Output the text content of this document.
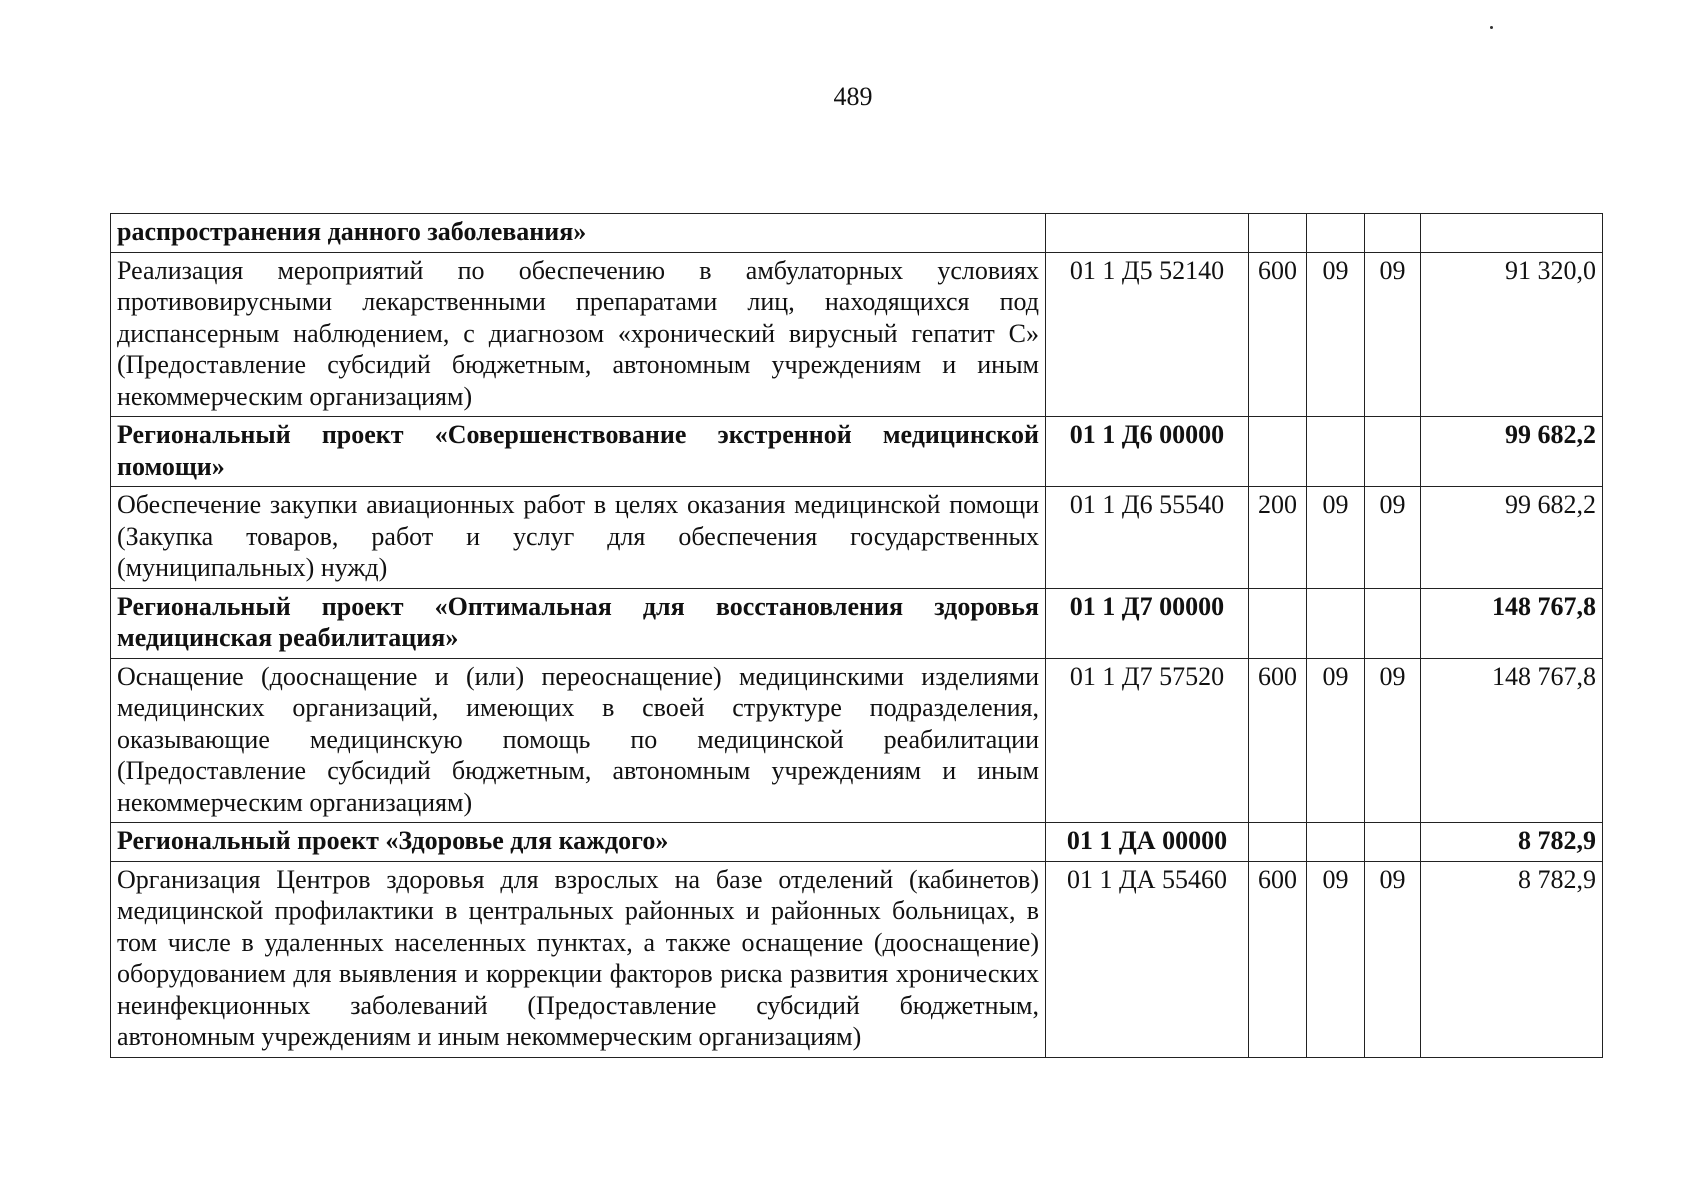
489
распространения данного заболевания»					
Реализация мероприятий по обеспечению в амбулаторных условиях противовирусными лекарственными препаратами лиц, находящихся под диспансерным наблюдением, с диагнозом «хронический вирусный гепатит С» (Предоставление субсидий бюджетным, автономным учреждениям и иным некоммерческим организациям)	01 1 Д5 52140	600	09	09	91 320,0
Региональный проект «Совершенствование экстренной медицинской помощи»	01 1 Д6 00000				99 682,2
Обеспечение закупки авиационных работ в целях оказания медицинской помощи (Закупка товаров, работ и услуг для обеспечения государственных (муниципальных) нужд)	01 1 Д6 55540	200	09	09	99 682,2
Региональный проект «Оптимальная для восстановления здоровья медицинская реабилитация»	01 1 Д7 00000				148 767,8
Оснащение (дооснащение и (или) переоснащение) медицинскими изделиями медицинских организаций, имеющих в своей структуре подразделения, оказывающие медицинскую помощь по медицинской реабилитации (Предоставление субсидий бюджетным, автономным учреждениям и иным некоммерческим организациям)	01 1 Д7 57520	600	09	09	148 767,8
Региональный проект «Здоровье для каждого»	01 1 ДА 00000				8 782,9
Организация Центров здоровья для взрослых на базе отделений (кабинетов) медицинской профилактики в центральных районных и районных больницах, в том числе в удаленных населенных пунктах, а также оснащение (дооснащение) оборудованием для выявления и коррекции факторов риска развития хронических неинфекционных заболеваний (Предоставление субсидий бюджетным, автономным учреждениям и иным некоммерческим организациям)	01 1 ДА 55460	600	09	09	8 782,9
